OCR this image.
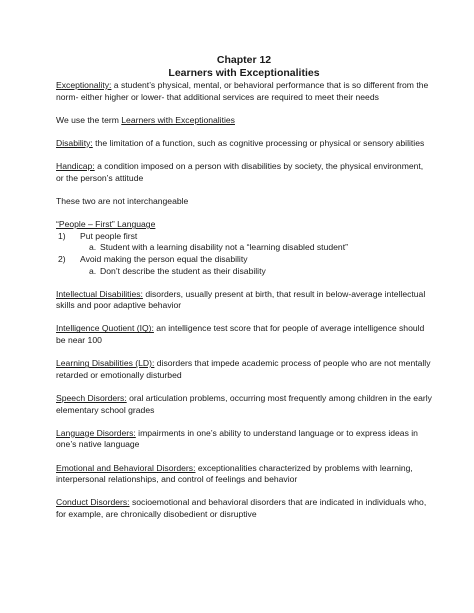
Chapter 12
Learners with Exceptionalities

Exceptionality: a student’s physical, mental, or behavioral performance that is so different from the norm- either higher or lower- that additional services are required to meet their needs

We use the term Learners with Exceptionalities

Disability: the limitation of a function, such as cognitive processing or physical or sensory abilities

Handicap: a condition imposed on a person with disabilities by society, the physical environment, or the person’s attitude

These two are not interchangeable

“People – First” Language

1) Put people first
a. Student with a learning disability not a “learning disabled student”
2) Avoid making the person equal the disability
a. Don’t describe the student as their disability

Intellectual Disabilities: disorders, usually present at birth, that result in below-average intellectual skills and poor adaptive behavior

Intelligence Quotient (IQ): an intelligence test score that for people of average intelligence should be near 100

Learning Disabilities (LD): disorders that impede academic process of people who are not mentally retarded or emotionally disturbed

Speech Disorders: oral articulation problems, occurring most frequently among children in the early elementary school grades

Language Disorders: impairments in one’s ability to understand language or to express ideas in one’s native language

Emotional and Behavioral Disorders: exceptionalities characterized by problems with learning, interpersonal relationships, and control of feelings and behavior

Conduct Disorders: socioemotional and behavioral disorders that are indicated in individuals who, for example, are chronically disobedient or disruptive
